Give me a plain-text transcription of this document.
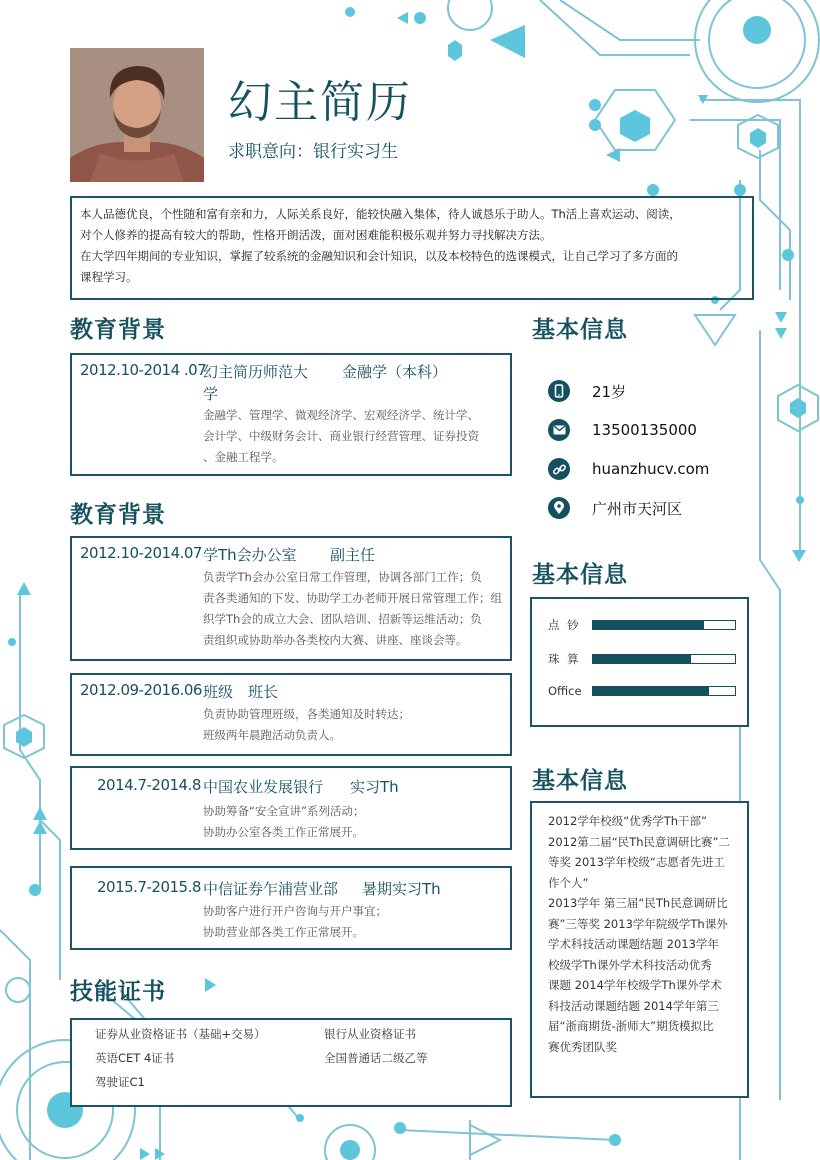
幻主简历
求职意向：银行实习生
本人品德优良，个性随和富有亲和力，人际关系良好，能较快融入集体，待人诚恳乐于助人。Th活上喜欢运动、阅读，
对个人修养的提高有较大的帮助，性格开朗活泼，面对困难能积极乐观并努力寻找解决方法。
在大学四年期间的专业知识，掌握了较系统的金融知识和会计知识，以及本校特色的选课模式，让自己学习了多方面的
课程学习。
教育背景
2012.10-2014 .07
幻主简历师范大 金融学（本科）
学
金融学、管理学、微观经济学、宏观经济学、统计学、
会计学、中级财务会计、商业银行经营管理、证券投资
、金融工程学。
教育背景
2012.10-2014.07 学Th会办公室 副主任
负责学Th会办公室日常工作管理，协调各部门工作；负
责各类通知的下发、协助学工办老师开展日常管理工作；组
织学Th会的成立大会、团队培训、招新等运维活动；负
责组织或协助举办各类校内大赛、讲座、座谈会等。
2012.09-2016.06 班级 班长
负责协助管理班级，各类通知及时转达；
班级两年晨跑活动负责人。
2014.7-2014.8 中国农业发展银行 实习Th
协助筹备“安全宣讲”系列活动；
协助办公室各类工作正常展开。
2015.7-2015.8 中信证券乍浦营业部 暑期实习Th
协助客户进行开户咨询与开户事宜；
协助营业部各类工作正常展开。
技能证书
证券从业资格证书（基础+交易）	银行从业资格证书
英语CET 4证书	全国普通话二级乙等
驾驶证C1
基本信息
21岁
13500135000
huanzhucv.com
广州市天河区
基本信息
点 钞
珠 算
Office
基本信息
2012学年校级“优秀学Th干部”
2012第二届“民Th民意调研比赛”二
等奖 2013学年校级“志愿者先进工
作个人”
2013学年 第三届“民Th民意调研比
赛”三等奖 2013学年院级学Th课外
学术科技活动课题结题 2013学年
校级学Th课外学术科技活动优秀
课题 2014学年校级学Th课外学术
科技活动课题结题 2014学年第三
届“浙商期货-浙师大”期货模拟比
赛优秀团队奖
